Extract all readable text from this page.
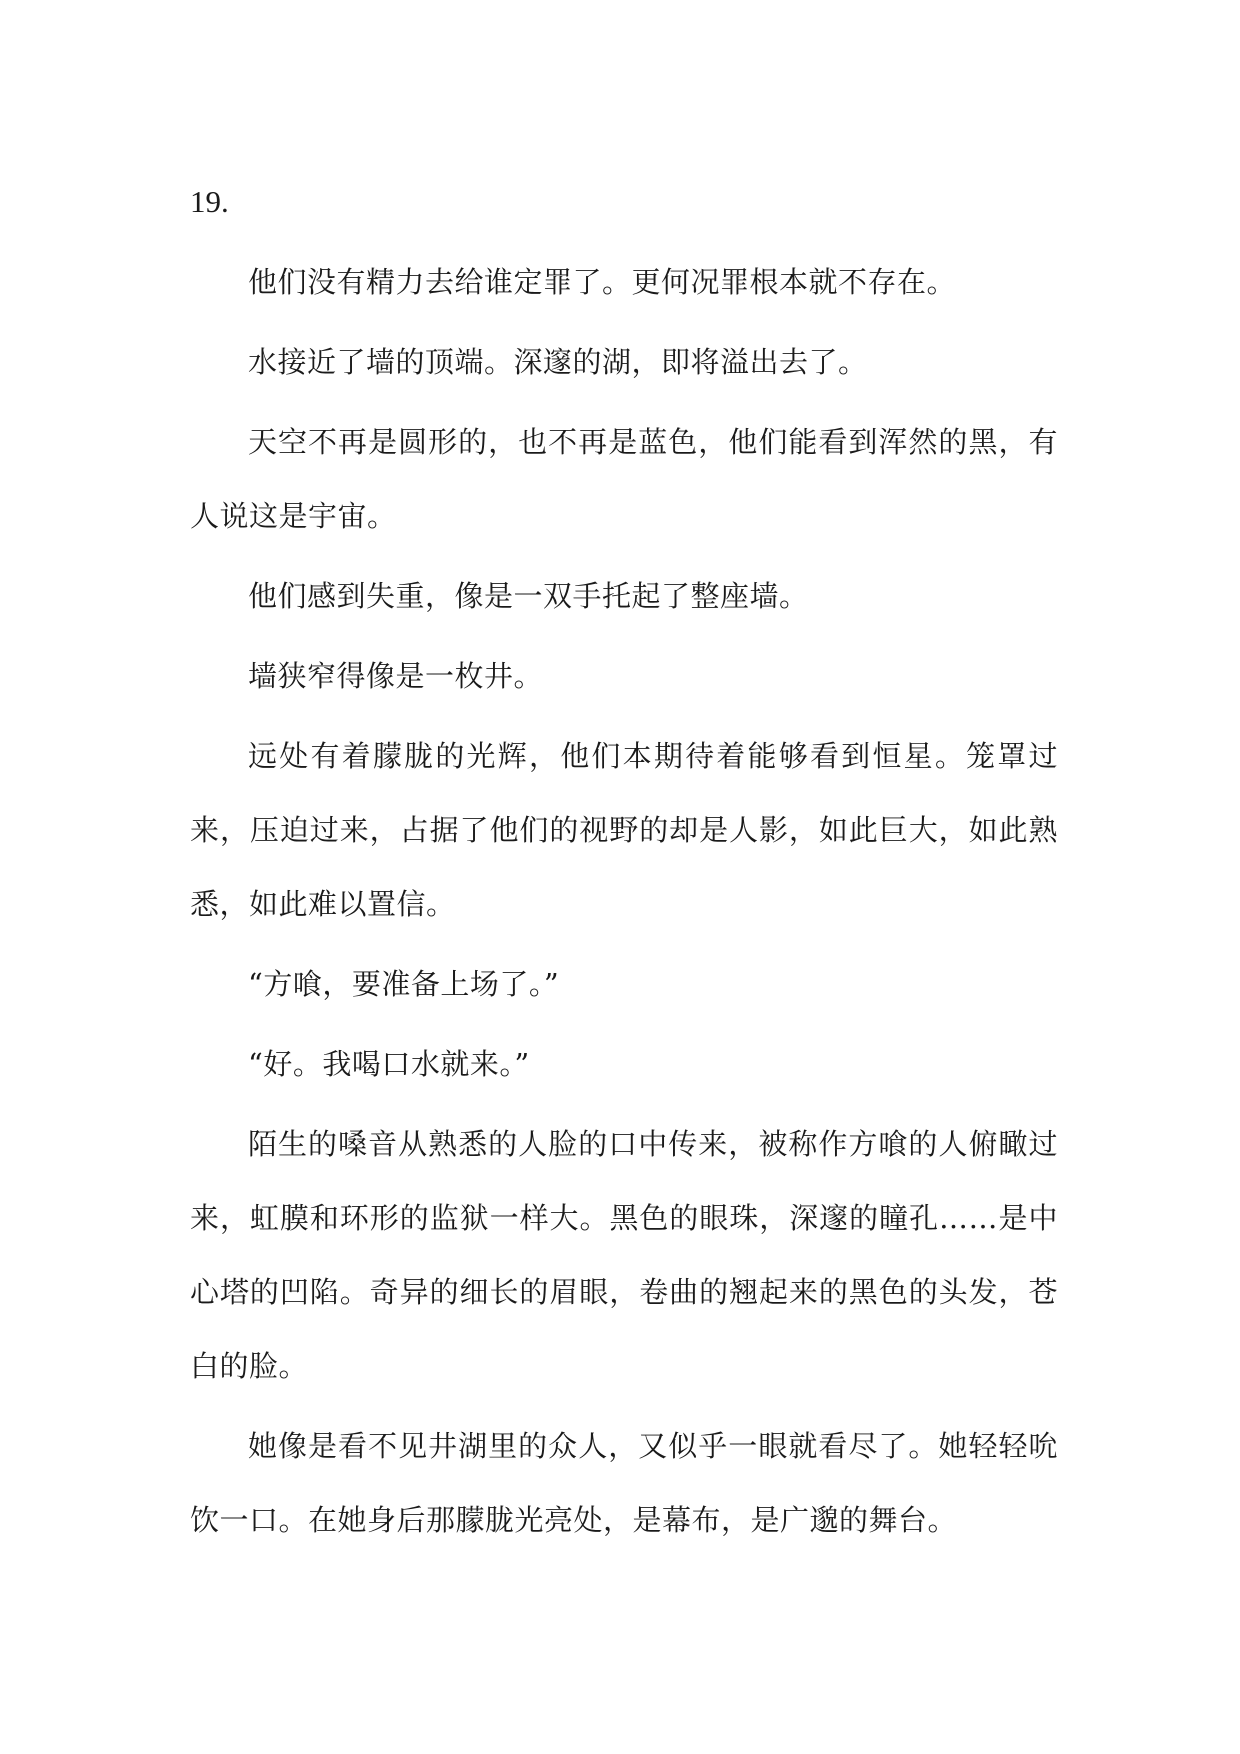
19.

他们没有精力去给谁定罪了。更何况罪根本就不存在。

水接近了墙的顶端。深邃的湖，即将溢出去了。

天空不再是圆形的，也不再是蓝色，他们能看到浑然的黑，有人说这是宇宙。

他们感到失重，像是一双手托起了整座墙。

墙狭窄得像是一枚井。

远处有着朦胧的光辉，他们本期待着能够看到恒星。笼罩过来，压迫过来，占据了他们的视野的却是人影，如此巨大，如此熟悉，如此难以置信。

“方喰，要准备上场了。”

“好。我喝口水就来。”

陌生的嗓音从熟悉的人脸的口中传来，被称作方喰的人俯瞰过来，虹膜和环形的监狱一样大。黑色的眼珠，深邃的瞳孔……是中心塔的凹陷。奇异的细长的眉眼，卷曲的翘起来的黑色的头发，苍白的脸。

她像是看不见井湖里的众人，又似乎一眼就看尽了。她轻轻吮饮一口。在她身后那朦胧光亮处，是幕布，是广邈的舞台。
